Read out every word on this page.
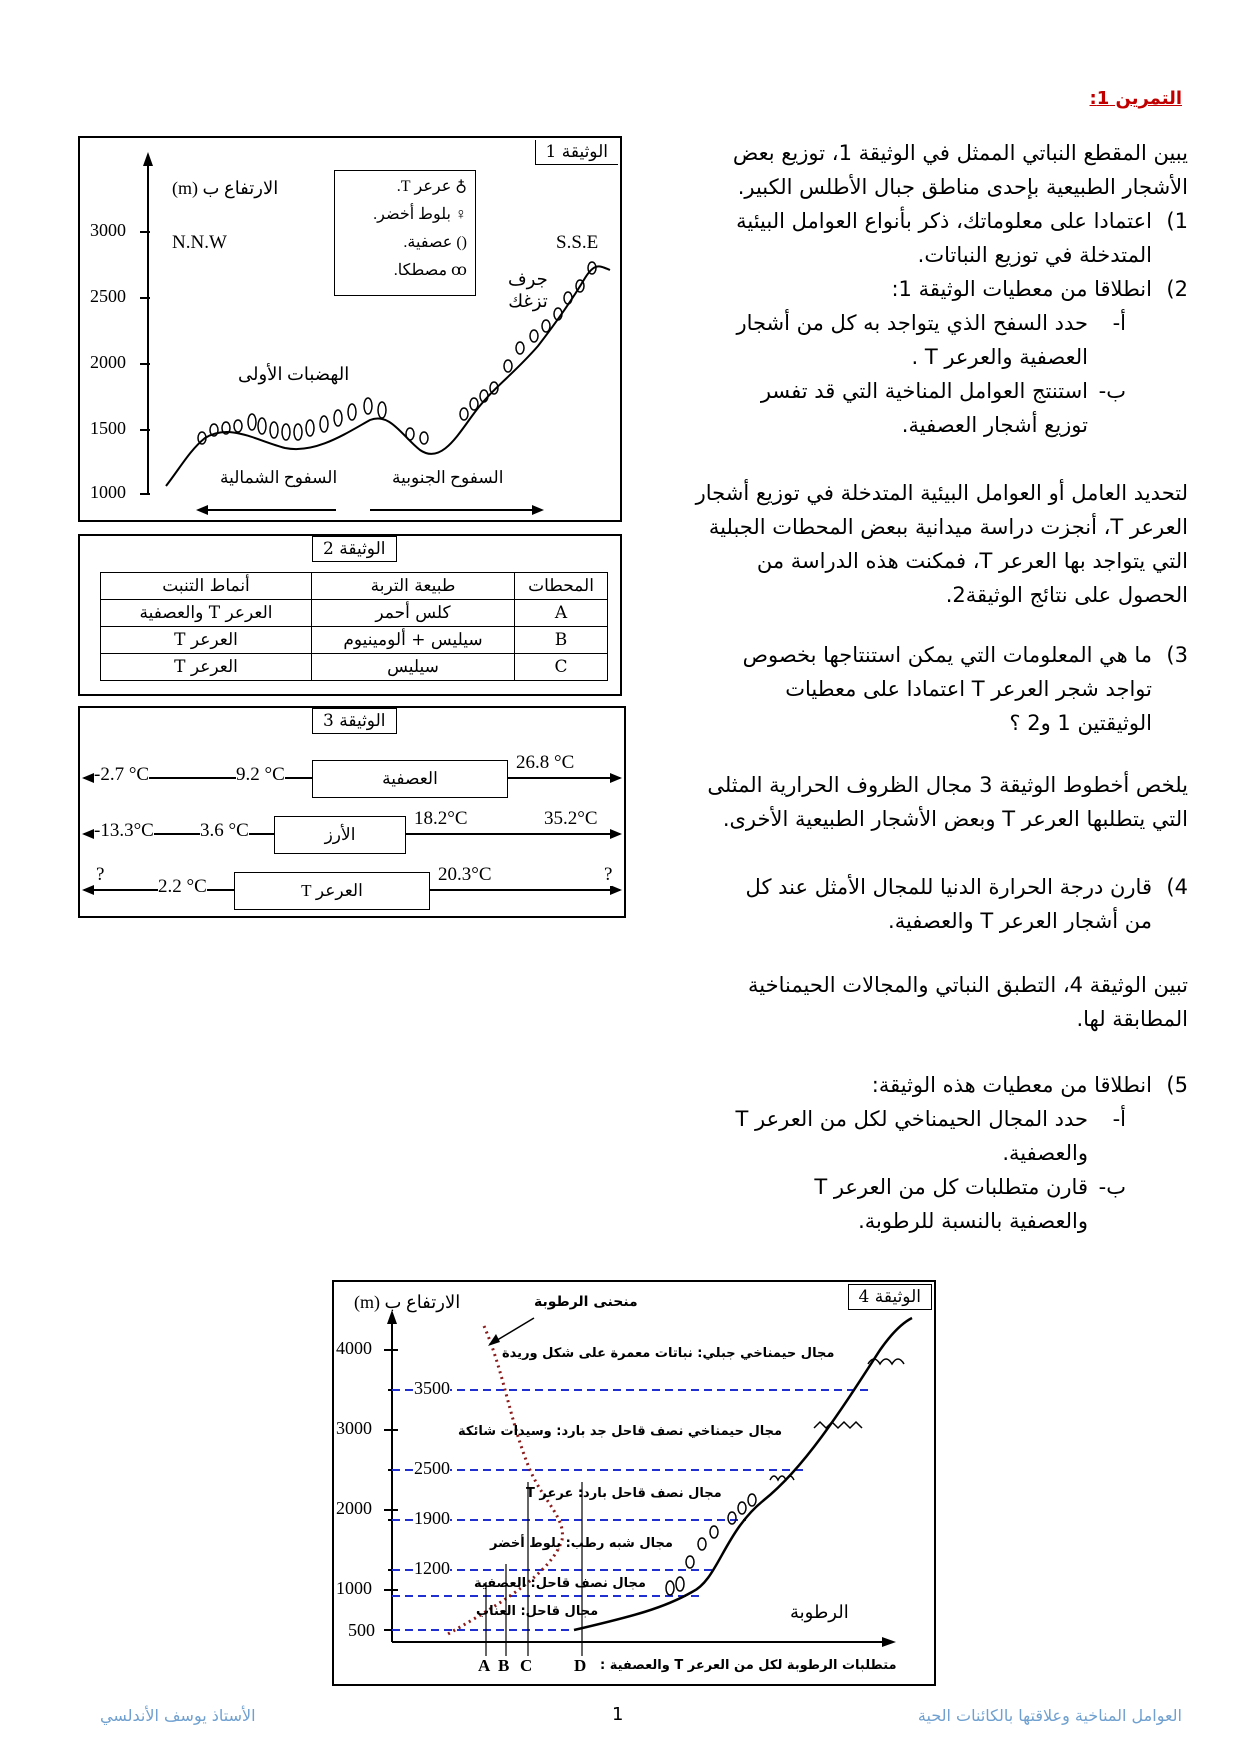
التمرين 1:
يبين المقطع النباتي الممثل في الوثيقة 1، توزيع بعض
الأشجار الطبيعية بإحدى مناطق جبال الأطلس الكبير.
1)اعتمادا على معلوماتك، ذكر بأنواع العوامل البيئية
المتدخلة في توزيع النباتات.
2)انطلاقا من معطيات الوثيقة 1:
أ-حدد السفح الذي يتواجد به كل من أشجار
العصفية والعرعر T .
ب-استنتج العوامل المناخية التي قد تفسر
توزيع أشجار العصفية.
لتحديد العامل أو العوامل البيئية المتدخلة في توزيع أشجار
العرعر T، أنجزت دراسة ميدانية ببعض المحطات الجبلية
التي يتواجد بها العرعر T، فمكنت هذه الدراسة من
الحصول على نتائج الوثيقة2.
3)ما هي المعلومات التي يمكن استنتاجها بخصوص
تواجد شجر العرعر T اعتمادا على معطيات
الوثيقتين 1 و2 ؟
يلخص أخطوط الوثيقة 3 مجال الظروف الحرارية المثلى
التي يتطلبها العرعر T وبعض الأشجار الطبيعية الأخرى.
4)قارن درجة الحرارة الدنيا للمجال الأمثل عند كل
من أشجار العرعر T والعصفية.
تبين الوثيقة 4، التطبق النباتي والمجالات الحيمناخية
المطابقة لها.
5)انطلاقا من معطيات هذه الوثيقة:
أ-حدد المجال الحيمناخي لكل من العرعر T
والعصفية.
ب-قارن متطلبات كل من العرعر T
والعصفية بالنسبة للرطوبة.
الوثيقة 1
الارتفاع ب (m)
3000
2500
2000
1500
1000
N.N.W	S.S.E
♁ عرعر T.
♀ بلوط أخضر.
() عصفية.
ꝏ مصطكا.
الهضبات الأولى
جرف
تزغك
السفوح الشمالية	السفوح الجنوبية
الوثيقة 2
المحطات	طبيعة التربة	أنماط التنبت
A	كلس أحمر	العرعر T والعصفية
B	سيليس + ألومينيوم	العرعر T
C	سيليس	العرعر T
الوثيقة 3
-2.7 °C	9.2 °C	العصفية
26.8 °C
-13.3°C 3.6 °C	الأرز
18.2°C	35.2°C
?
2.2 °C	العرعر T
20.3°C	?
الوثيقة 4
الارتفاع ب (m)	منحنى الرطوبة
4000
3000
2000
1000
500
3500
2500
1900
1200
مجال حيمناخي جبلي: نباتات معمرة على شكل وريدة
مجال حيمناخي نصف قاحل جد بارد: وسيدات شائكة
مجال نصف قاحل بارد: عرعر T
مجال شبه رطب: بلوط أخضر
مجال نصف قاحل: العصفية
مجال قاحل: العناب	الرطوبة
A B C D متطلبات الرطوبة لكل من العرعر T والعصفية :
الأستاذ يوسف الأندلسي	1	العوامل المناخية وعلاقتها بالكائنات الحية
